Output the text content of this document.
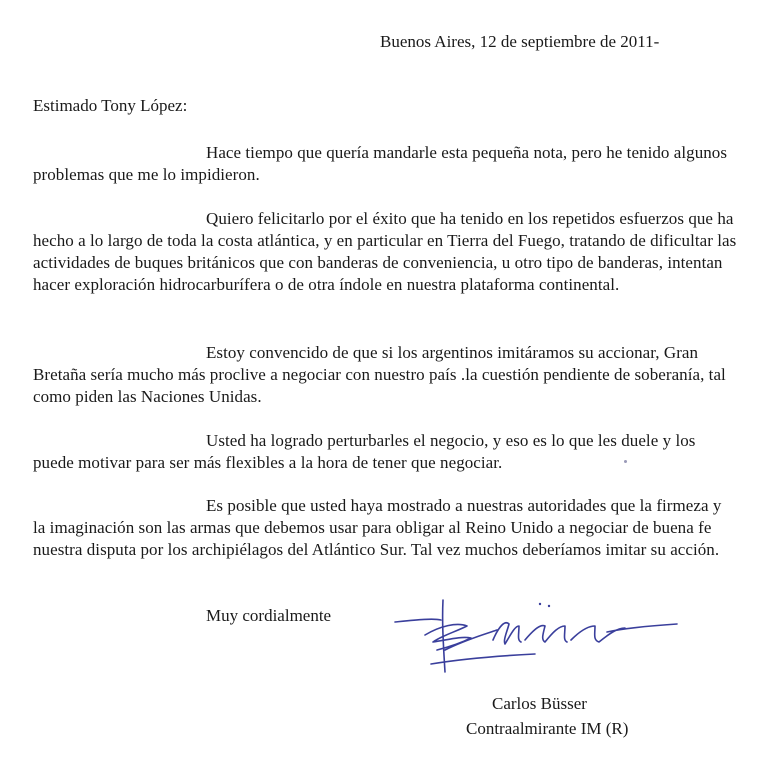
Buenos Aires, 12 de septiembre de 2011-
Estimado Tony López:

Hace tiempo que quería mandarle esta pequeña nota, pero he tenido algunos problemas que me lo impidieron.

Quiero felicitarlo por el éxito que ha tenido en los repetidos esfuerzos que ha hecho a lo largo de toda la costa atlántica, y en particular en Tierra del Fuego, tratando de dificultar las actividades de buques británicos que con banderas de conveniencia, u otro tipo de banderas, intentan hacer exploración hidrocarburífera o de otra índole en nuestra plataforma continental.

Estoy convencido de que si los argentinos imitáramos su accionar, Gran Bretaña sería mucho más proclive a negociar con nuestro país .la cuestión pendiente de soberanía, tal como piden las Naciones Unidas.

Usted ha logrado perturbarles el negocio, y eso es lo que les duele y los puede motivar para ser más flexibles a la hora de tener que negociar.

Es posible que usted haya mostrado a nuestras autoridades que la firmeza y la imaginación son las armas que debemos usar para obligar al Reino Unido a negociar de buena fe nuestra disputa por los archipiélagos del Atlántico Sur. Tal vez muchos deberíamos imitar su acción.

Muy cordialmente
Carlos Büsser
Contraalmirante IM (R)
